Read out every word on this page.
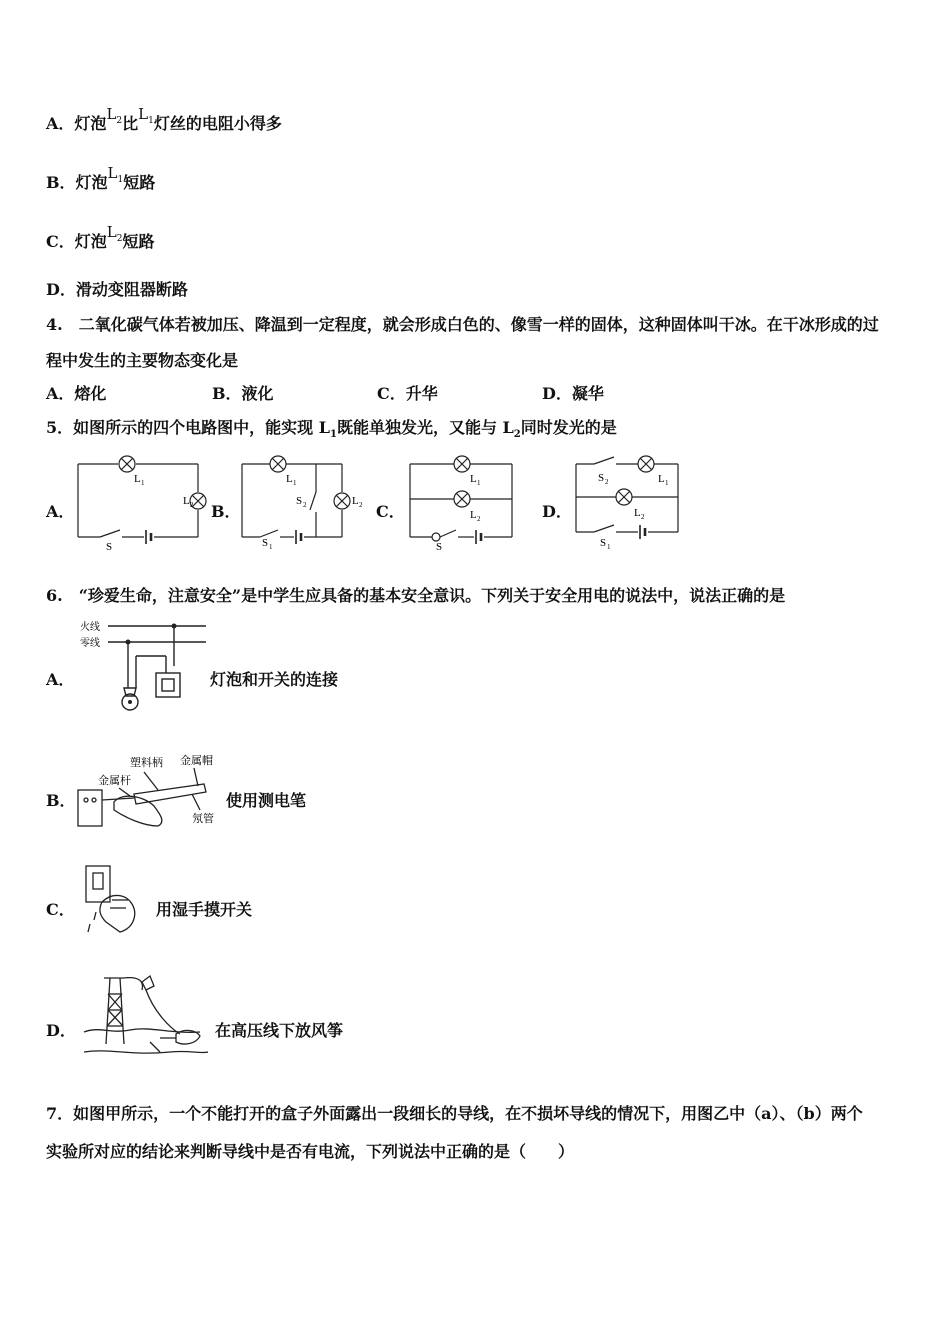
A．灯泡$L_2$比$L_1$灯丝的电阻小得多
B．灯泡$L_1$短路
C．灯泡$L_2$短路
D．滑动变阻器断路
4.　二氧化碳气体若被加压、降温到一定程度，就会形成白色的、像雪一样的固体，这种固体叫干冰。在干冰形成的过
程中发生的主要物态变化是
A．熔化	B．液化	C．升华	D．凝华
5．如图所示的四个电路图中，能实现 $L_1$既能单独发光，又能与 $L_2$同时发光的是
A．	B．	C．	D．
L 1
L 2
S
L 1
L 2
S 2
S 1
L 1
L 2
S
S 2	L 1
L 2
S 1
6.　“珍爱生命，注意安全”是中学生应具备的基本安全意识。下列关于安全用电的说法中，说法正确的是
火线
零线
A．	灯泡和开关的连接
塑料柄 金属帽
金属杆
氖管
B．	使用测电笔
C．	用湿手摸开关
D．	在高压线下放风筝
7．如图甲所示，一个不能打开的盒子外面露出一段细长的导线，在不损坏导线的情况下，用图乙中（a）、（b）两个
实验所对应的结论来判断导线中是否有电流，下列说法中正确的是（　　）
